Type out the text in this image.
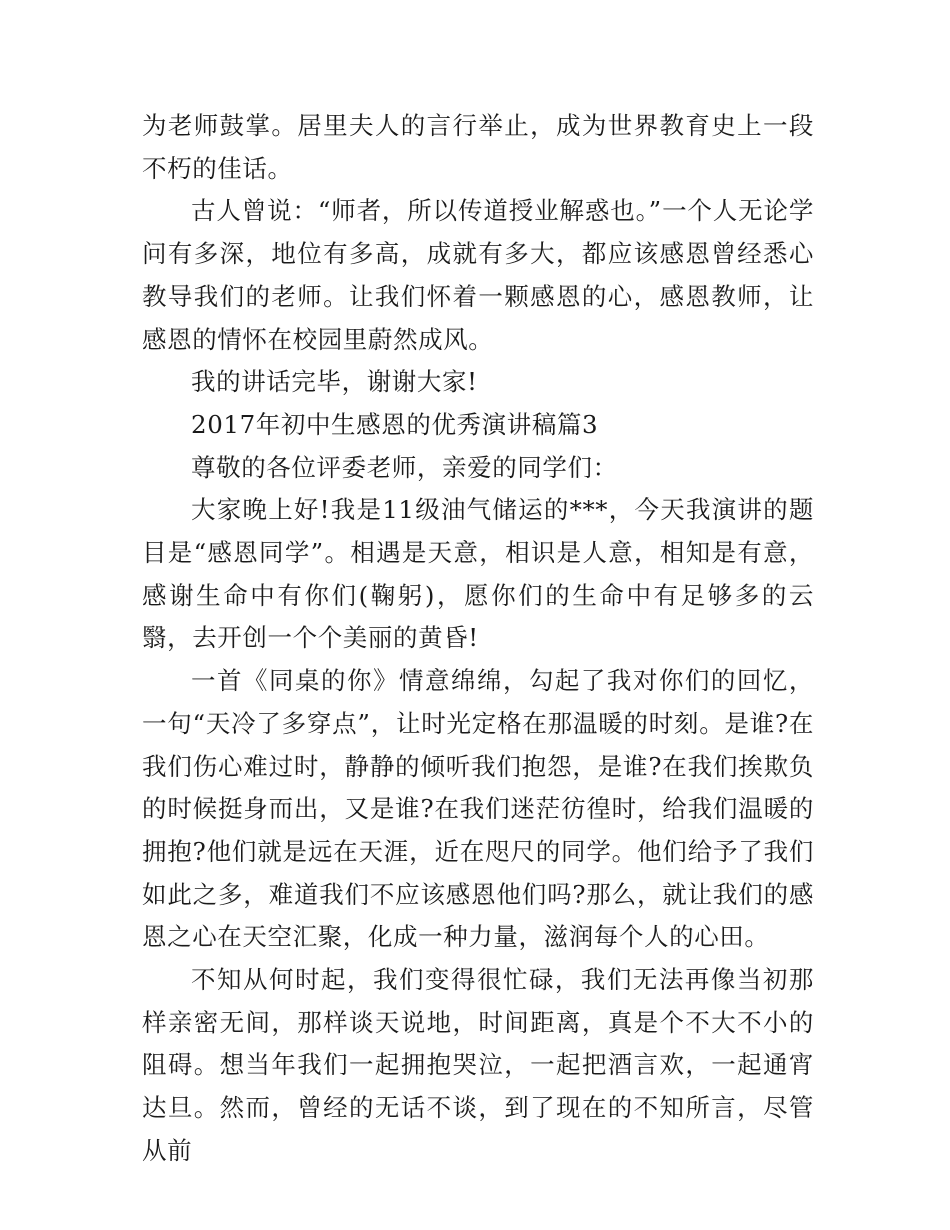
为老师鼓掌。居里夫人的言行举止，成为世界教育史上一段不朽的佳话。

古人曾说：“师者，所以传道授业解惑也。”一个人无论学问有多深，地位有多高，成就有多大，都应该感恩曾经悉心教导我们的老师。让我们怀着一颗感恩的心，感恩教师，让感恩的情怀在校园里蔚然成风。

我的讲话完毕，谢谢大家!

2017年初中生感恩的优秀演讲稿篇3

尊敬的各位评委老师，亲爱的同学们：

大家晚上好!我是11级油气储运的***，今天我演讲的题目是“感恩同学”。相遇是天意，相识是人意，相知是有意，感谢生命中有你们(鞠躬)，愿你们的生命中有足够多的云翳，去开创一个个美丽的黄昏!

一首《同桌的你》情意绵绵，勾起了我对你们的回忆，一句“天冷了多穿点”，让时光定格在那温暖的时刻。是谁?在我们伤心难过时，静静的倾听我们抱怨，是谁?在我们挨欺负的时候挺身而出，又是谁?在我们迷茫彷徨时，给我们温暖的拥抱?他们就是远在天涯，近在咫尺的同学。他们给予了我们如此之多，难道我们不应该感恩他们吗?那么，就让我们的感恩之心在天空汇聚，化成一种力量，滋润每个人的心田。

不知从何时起，我们变得很忙碌，我们无法再像当初那样亲密无间，那样谈天说地，时间距离，真是个不大不小的阻碍。想当年我们一起拥抱哭泣，一起把酒言欢，一起通宵达旦。然而，曾经的无话不谈，到了现在的不知所言，尽管从前
